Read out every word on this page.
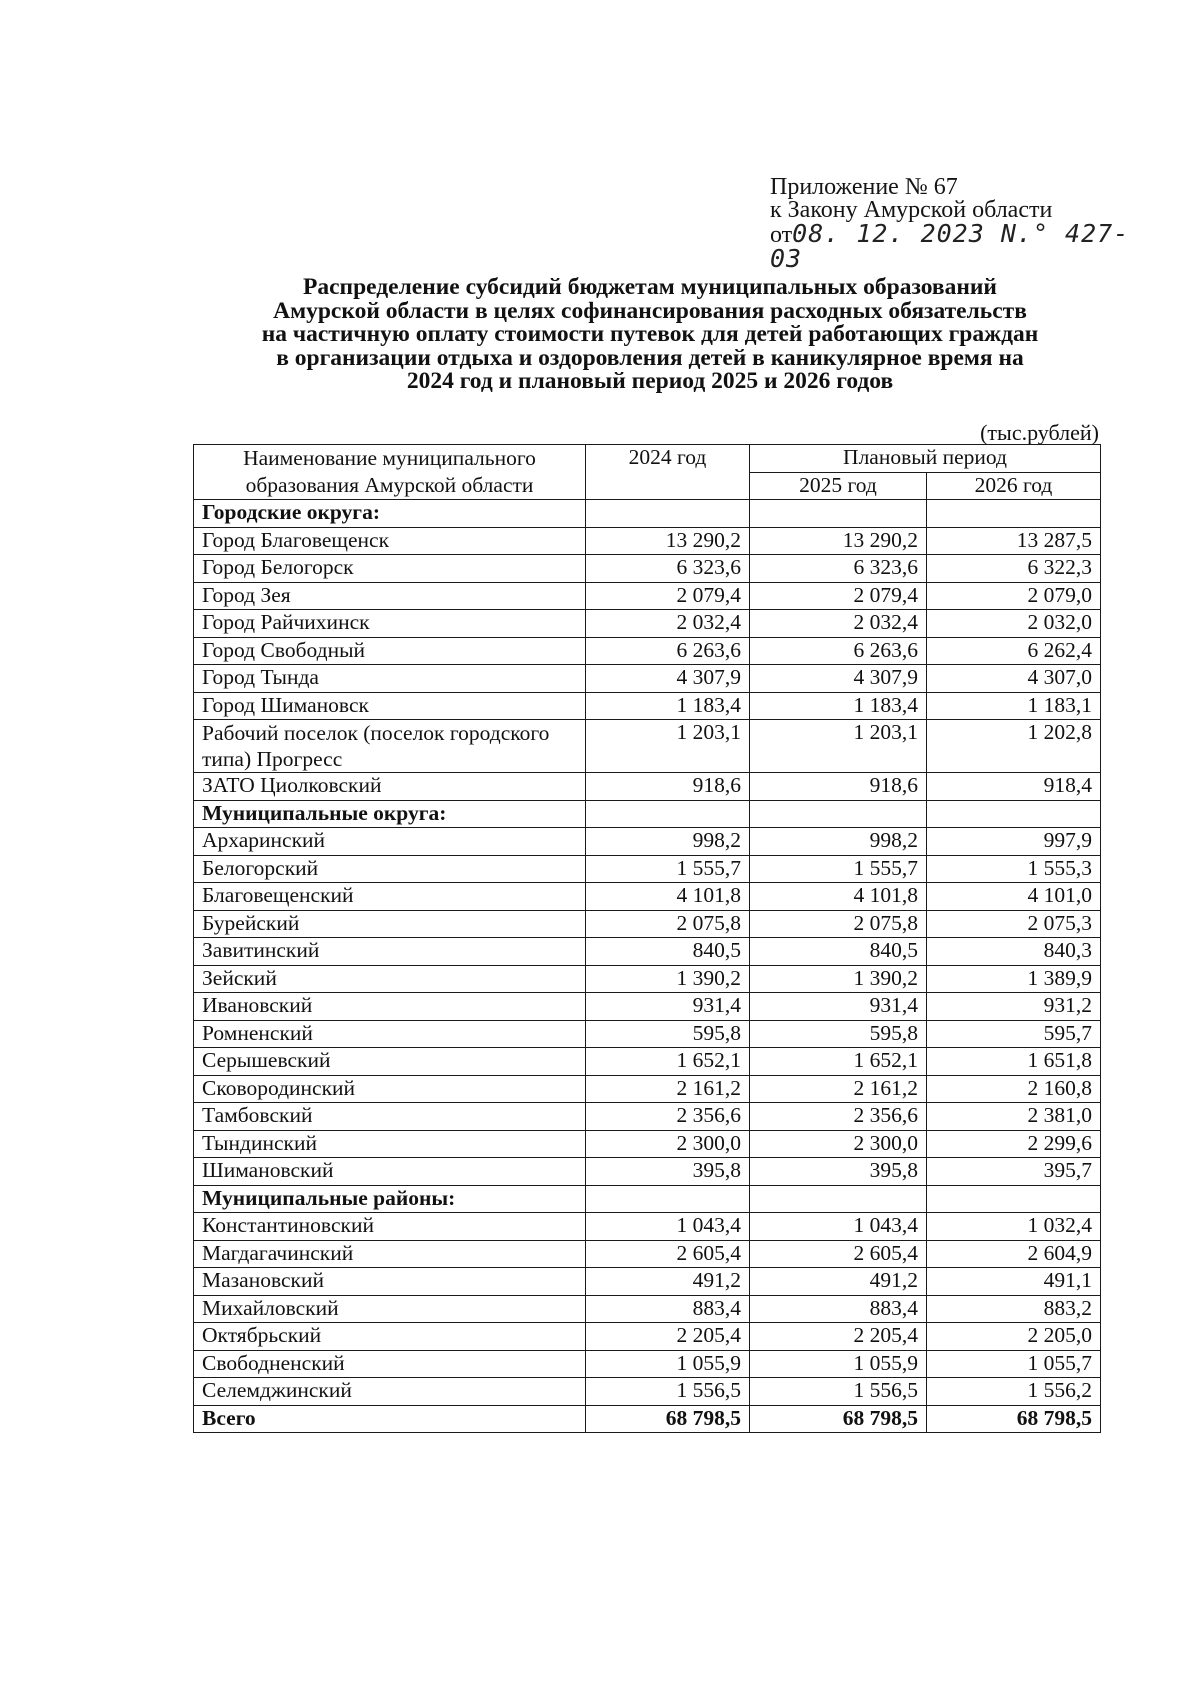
Приложение № 67
к Закону Амурской области
от08. 12. 2023 N.° 427-03
Распределение субсидий бюджетам муниципальных образований
Амурской области в целях софинансирования расходных обязательств
на частичную оплату стоимости путевок для детей работающих граждан
в организации отдыха и оздоровления детей в каникулярное время на
2024 год и плановый период 2025 и 2026 годов
(тыс.рублей)
Наименование муниципального
образования Амурской области	2024 год	Плановый период	
		2025 год	2026 год
Городские округа:			
Город Благовещенск	13 290,2	13 290,2	13 287,5
Город Белогорск	6 323,6	6 323,6	6 322,3
Город Зея	2 079,4	2 079,4	2 079,0
Город Райчихинск	2 032,4	2 032,4	2 032,0
Город Свободный	6 263,6	6 263,6	6 262,4
Город Тында	4 307,9	4 307,9	4 307,0
Город Шимановск	1 183,4	1 183,4	1 183,1
Рабочий поселок (поселок городского типа) Прогресс	1 203,1	1 203,1	1 202,8
ЗАТО Циолковский	918,6	918,6	918,4
Муниципальные округа:			
Архаринский	998,2	998,2	997,9
Белогорский	1 555,7	1 555,7	1 555,3
Благовещенский	4 101,8	4 101,8	4 101,0
Бурейский	2 075,8	2 075,8	2 075,3
Завитинский	840,5	840,5	840,3
Зейский	1 390,2	1 390,2	1 389,9
Ивановский	931,4	931,4	931,2
Ромненский	595,8	595,8	595,7
Серышевский	1 652,1	1 652,1	1 651,8
Сковородинский	2 161,2	2 161,2	2 160,8
Тамбовский	2 356,6	2 356,6	2 381,0
Тындинский	2 300,0	2 300,0	2 299,6
Шимановский	395,8	395,8	395,7
Муниципальные районы:			
Константиновский	1 043,4	1 043,4	1 032,4
Магдагачинский	2 605,4	2 605,4	2 604,9
Мазановский	491,2	491,2	491,1
Михайловский	883,4	883,4	883,2
Октябрьский	2 205,4	2 205,4	2 205,0
Свободненский	1 055,9	1 055,9	1 055,7
Селемджинский	1 556,5	1 556,5	1 556,2
Всего	68 798,5	68 798,5	68 798,5
